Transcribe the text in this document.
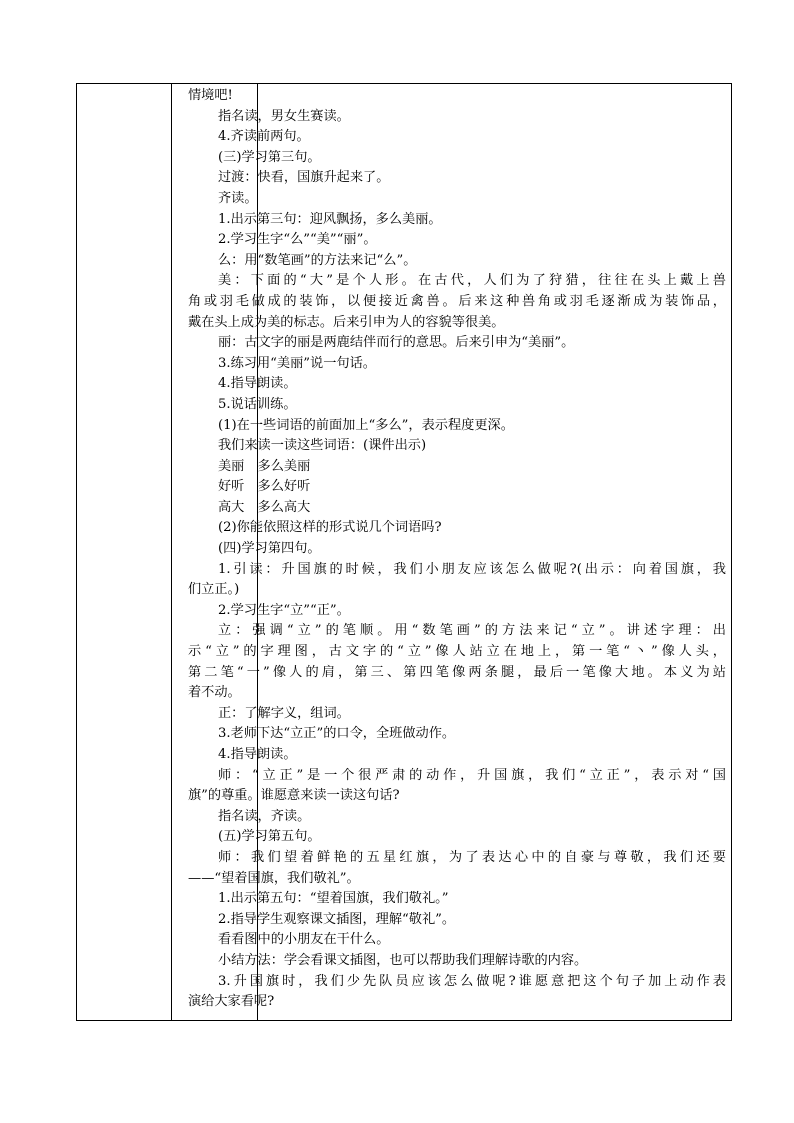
情境吧!
指名读，男女生赛读。
4.齐读前两句。
(三)学习第三句。
过渡：快看，国旗升起来了。
齐读。
1.出示第三句：迎风飘扬，多么美丽。
2.学习生字“么”“美”“丽”。
么：用“数笔画”的方法来记“么”。
美：下面的“大”是个人形。在古代，人们为了狩猎，往往在头上戴上兽
角或羽毛做成的装饰，以便接近禽兽。后来这种兽角或羽毛逐渐成为装饰品，
戴在头上成为美的标志。后来引申为人的容貌等很美。
丽：古文字的丽是两鹿结伴而行的意思。后来引申为“美丽”。
3.练习用“美丽”说一句话。
4.指导朗读。
5.说话训练。
(1)在一些词语的前面加上“多么”，表示程度更深。
我们来读一读这些词语：(课件出示)
美丽　多么美丽
好听　多么好听
高大　多么高大
(2)你能依照这样的形式说几个词语吗?
(四)学习第四句。
1.引读：升国旗的时候，我们小朋友应该怎么做呢?(出示：向着国旗，我
们立正。)
2.学习生字“立”“正”。
立：强调“立”的笔顺。用“数笔画”的方法来记“立”。讲述字理：出
示“立”的字理图，古文字的“立”像人站立在地上，第一笔“丶”像人头，
第二笔“一”像人的肩，第三、第四笔像两条腿，最后一笔像大地。本义为站
着不动。
正：了解字义，组词。
3.老师下达“立正”的口令，全班做动作。
4.指导朗读。
师：“立正”是一个很严肃的动作，升国旗，我们“立正”，表示对“国
旗”的尊重。谁愿意来读一读这句话?
指名读，齐读。
(五)学习第五句。
师：我们望着鲜艳的五星红旗，为了表达心中的自豪与尊敬，我们还要
——“望着国旗，我们敬礼”。
1.出示第五句：“望着国旗，我们敬礼。”
2.指导学生观察课文插图，理解“敬礼”。
看看图中的小朋友在干什么。
小结方法：学会看课文插图，也可以帮助我们理解诗歌的内容。
3.升国旗时，我们少先队员应该怎么做呢?谁愿意把这个句子加上动作表
演给大家看呢?
